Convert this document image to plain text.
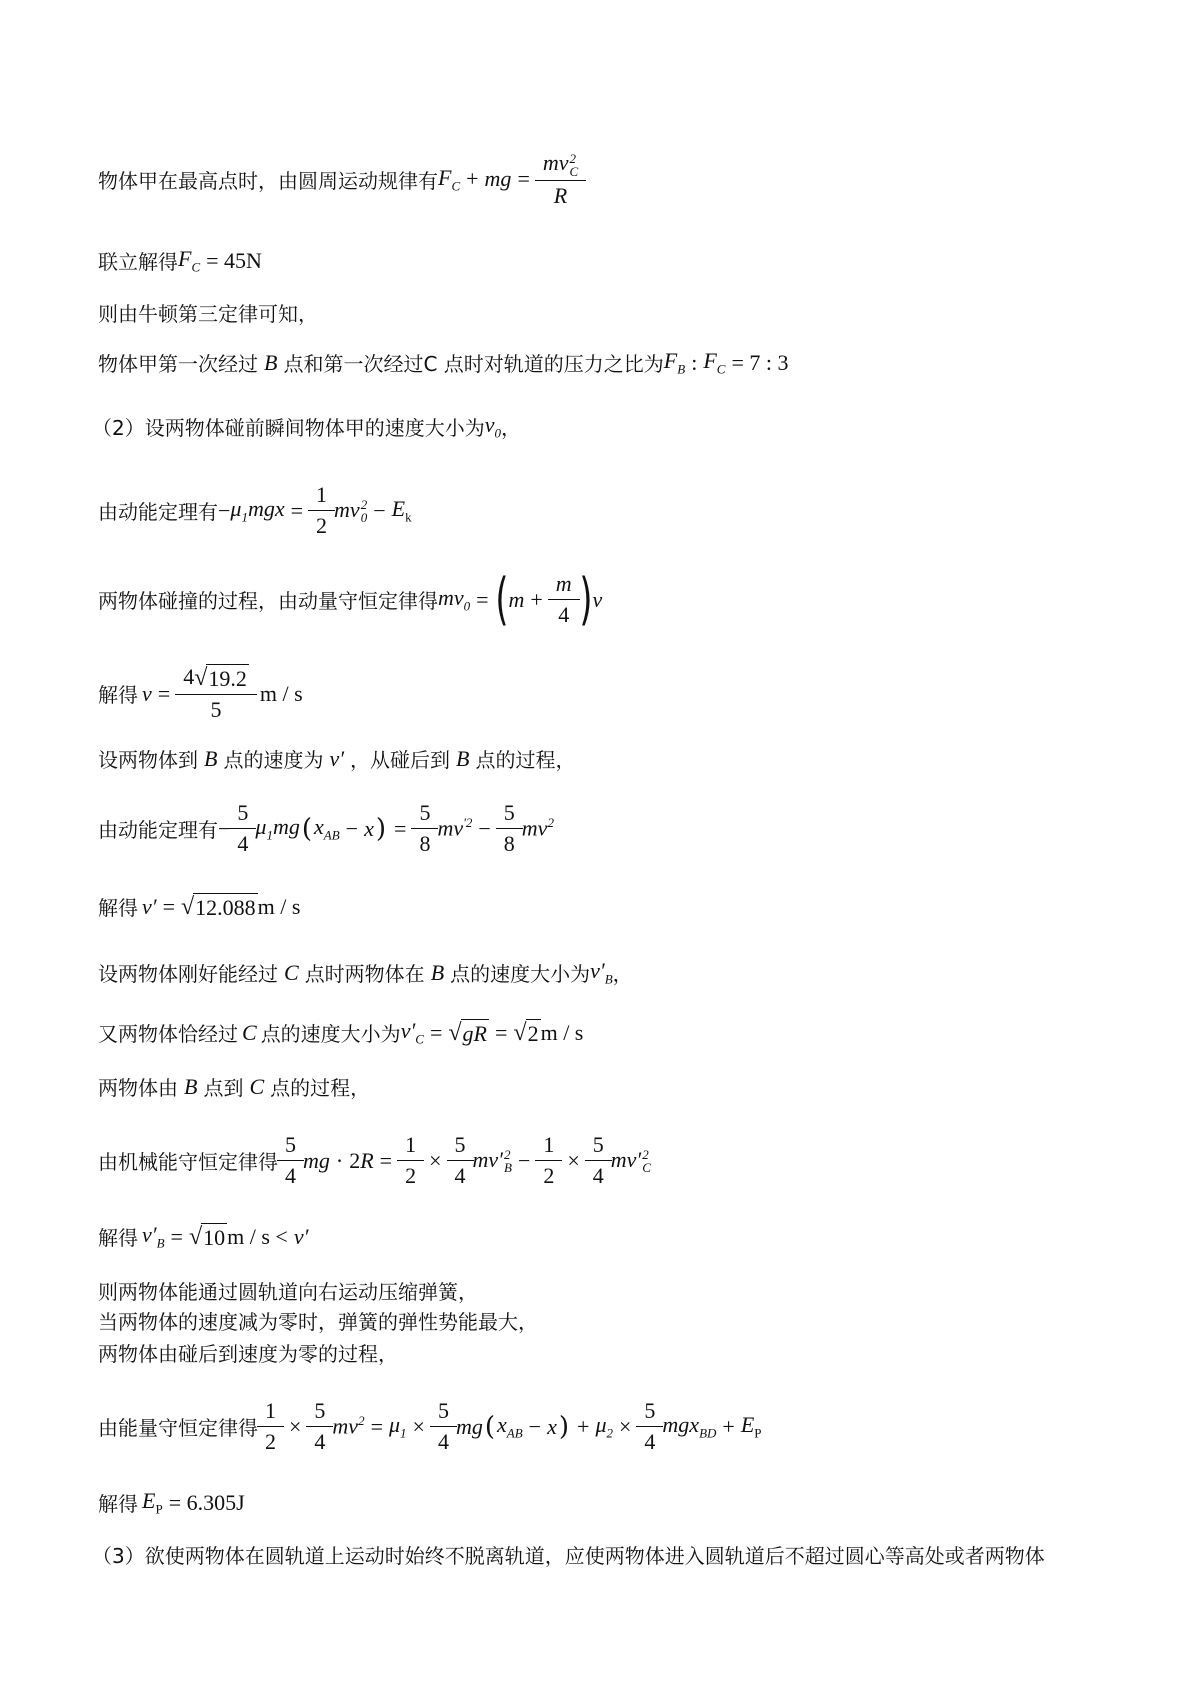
物体甲在最高点时，由圆周运动规律有 $F_C$ + mg = mv 2
C
R
联立解得 $F_C = 45N$
则由牛顿第三定律可知，
物体甲第一次经过 B 点和第一次经过C 点时对轨道的压力之比为 $F_B$ : $F_C = 7$ : 3
（2）设两物体碰前瞬间物体甲的速度大小为 $v_0$ ，
由动能定理有 − $\mu_1mgx = \frac{1}{2}$ mv 2
$0 - E_k$
两物体碰撞的过程，由动量守恒定律得 $mv_0$ = ( $m + \frac{m}{4}$ ) v
解得 $v = \frac{4 √ 19.2}{5}$ m / s
设两物体到 B 点的速度为 v′ ，从碰后到 B 点的过程，
由动能定理有 − $\frac{5}{4} \mu_1mg$ ( $x_{AB} - x$ ) = $\frac{5}{8} mv^{'2} - \frac{5}{8} mv^2$
解得 v′ = √ 12.088 m / s
设两物体刚好能经过 C 点时两物体在 B 点的速度大小为 $v'_B$ ，
又两物体恰经过 C 点的速度大小为 $v'_C$ = √ gR = √ 2 m / s
两物体由 B 点到 C 点的过程，
由机械能守恒定律得 $\frac{5}{4}$ mg · $2R = \frac{1}{2} \times \frac{5}{4} mv'$ 2
$B - \frac{1}{2} \times \frac{5}{4} mv'$ 2
C
解得 $v'_B$ = √ 10 m / s < v′
则两物体能通过圆轨道向右运动压缩弹簧，
当两物体的速度减为零时，弹簧的弹性势能最大，
两物体由碰后到速度为零的过程，
由能量守恒定律得 $\frac{1}{2} \times \frac{5}{4} mv^2 = \mu_1 \times \frac{5}{4}$ mg ( $x_{AB} - x$ ) + $\mu_2 \times \frac{5}{4} mgx_{BD} + E_P$
解得 $E_P = 6.305J$
（3）欲使两物体在圆轨道上运动时始终不脱离轨道，应使两物体进入圆轨道后不超过圆心等高处或者两物体
